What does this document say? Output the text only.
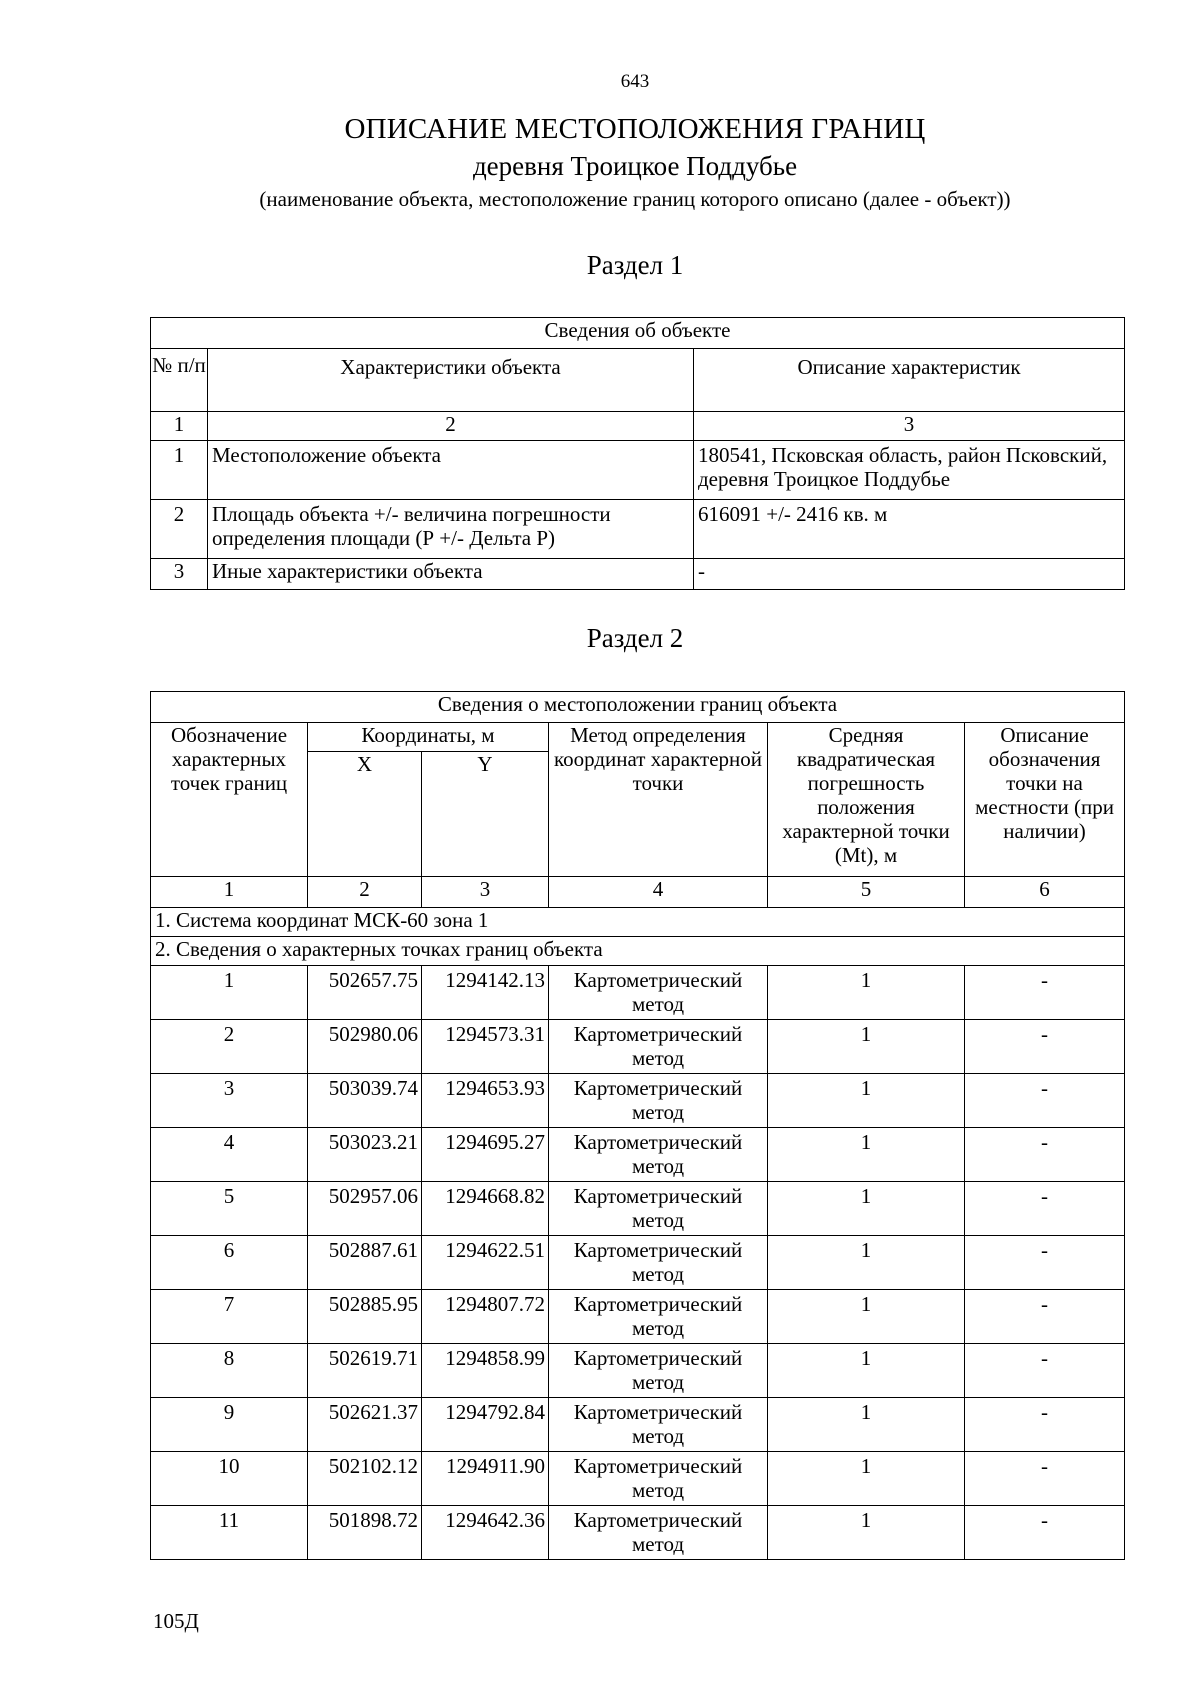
643
ОПИСАНИЕ МЕСТОПОЛОЖЕНИЯ ГРАНИЦ
деревня Троицкое Поддубье
(наименование объекта, местоположение границ которого описано (далее - объект))
Раздел 1
Сведения об объекте		
№ п/п	Характеристики объекта	Описание характеристик
1	2	3
1	Местоположение объекта	180541, Псковская область, район Псковский, деревня Троицкое Поддубье
2	Площадь объекта +/- величина погрешности определения площади (Р +/- Дельта Р)	616091 +/- 2416 кв. м
3	Иные характеристики объекта	-
Раздел 2
Сведения о местоположении границ объекта					
Обозначение характерных точек границ	Координаты, м		Метод определения координат характерной точки	Средняя квадратическая погрешность положения характерной точки (Mt), м	Описание обозначения точки на местности (при наличии)
	X	Y			
1	2	3	4	5	6
1. Система координат МСК-60 зона 1					
2. Сведения о характерных точках границ объекта					
1	502657.75	1294142.13	Картометрический метод	1	-
2	502980.06	1294573.31	Картометрический метод	1	-
3	503039.74	1294653.93	Картометрический метод	1	-
4	503023.21	1294695.27	Картометрический метод	1	-
5	502957.06	1294668.82	Картометрический метод	1	-
6	502887.61	1294622.51	Картометрический метод	1	-
7	502885.95	1294807.72	Картометрический метод	1	-
8	502619.71	1294858.99	Картометрический метод	1	-
9	502621.37	1294792.84	Картометрический метод	1	-
10	502102.12	1294911.90	Картометрический метод	1	-
11	501898.72	1294642.36	Картометрический метод	1	-
105Д
